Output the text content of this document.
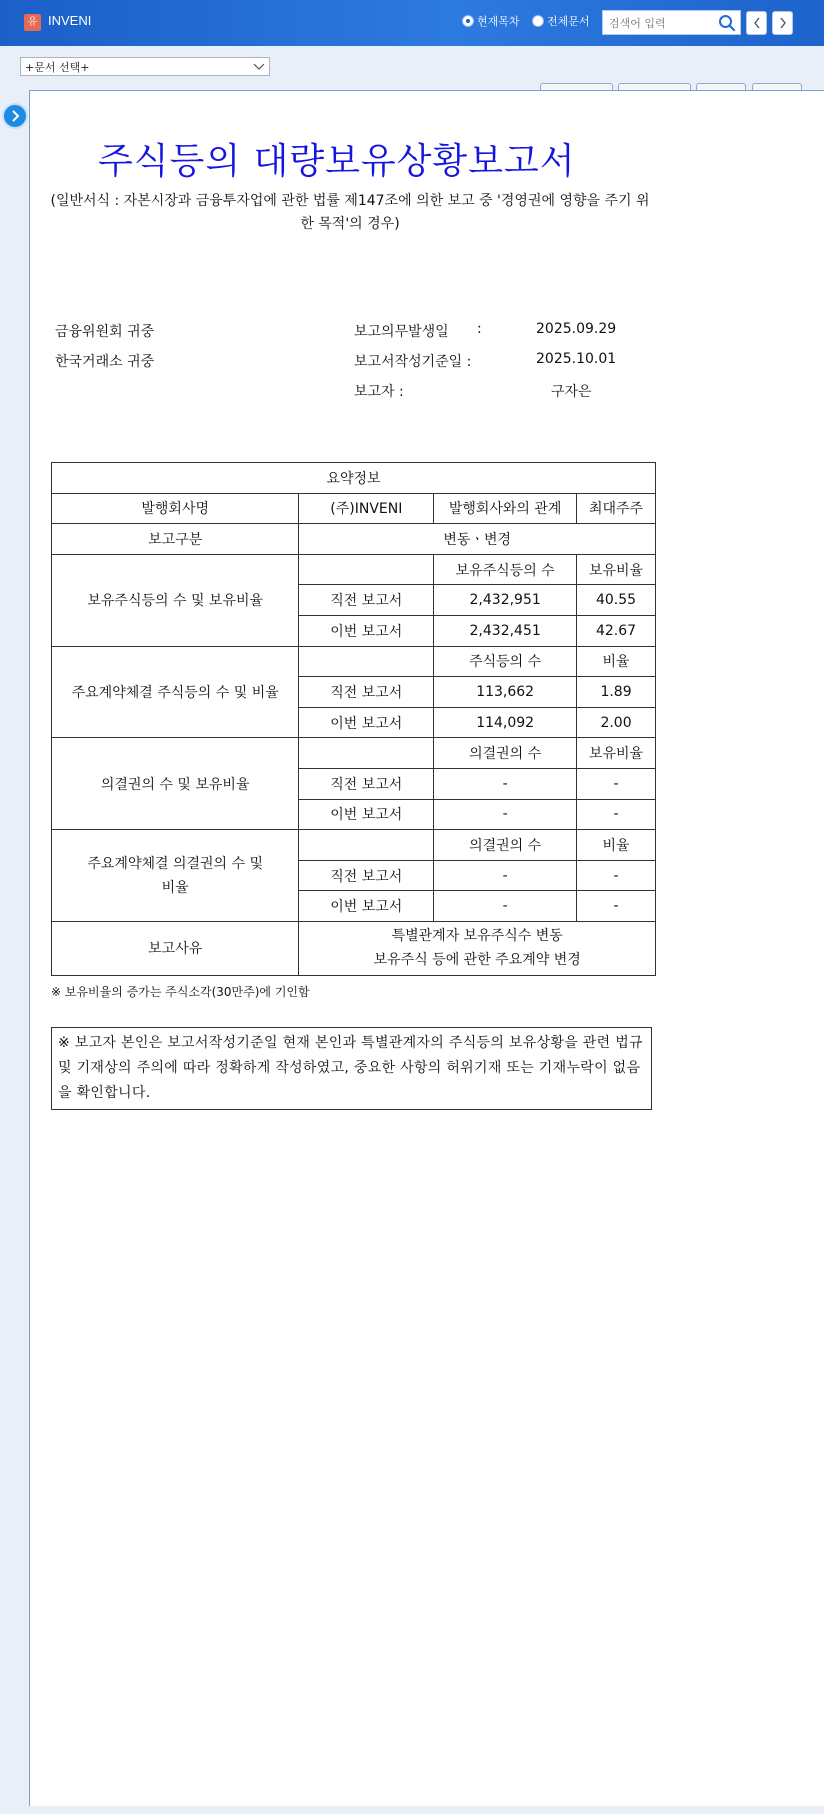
유 INVENI	현재목차 전체문서
검색어 입력
+문서 선택+
주식등의 대량보유상황보고서
(일반서식 : 자본시장과 금융투자업에 관한 법률 제147조에 의한 보고 중 '경영권에 영향을 주기 위한 목적'의 경우)
금융위원회 귀중
한국거래소 귀중
보고의무발생일 :	2025.09.29
보고서작성기준일 :	2025.10.01
보고자 :	구자은
요약정보			
발행회사명	(주)INVENI	발행회사와의 관계	최대주주
보고구분	변동ㆍ변경		
보유주식등의 수 및 보유비율		보유주식등의 수	보유비율
	직전 보고서	2,432,951	40.55
	이번 보고서	2,432,451	42.67
주요계약체결 주식등의 수 및 비율		주식등의 수	비율
	직전 보고서	113,662	1.89
	이번 보고서	114,092	2.00
의결권의 수 및 보유비율		의결권의 수	보유비율
	직전 보고서	-	-
	이번 보고서	-	-
주요계약체결 의결권의 수 및
비율		의결권의 수	비율
	직전 보고서	-	-
	이번 보고서	-	-
보고사유	특별관계자 보유주식수 변동
보유주식 등에 관한 주요계약 변경		
※ 보유비율의 증가는 주식소각(30만주)에 기인함
※ 보고자 본인은 보고서작성기준일 현재 본인과 특별관계자의 주식등의 보유상황을 관련 법규 및 기재상의 주의에 따라 정확하게 작성하였고, 중요한 사항의 허위기재 또는 기재누락이 없음을 확인합니다.
